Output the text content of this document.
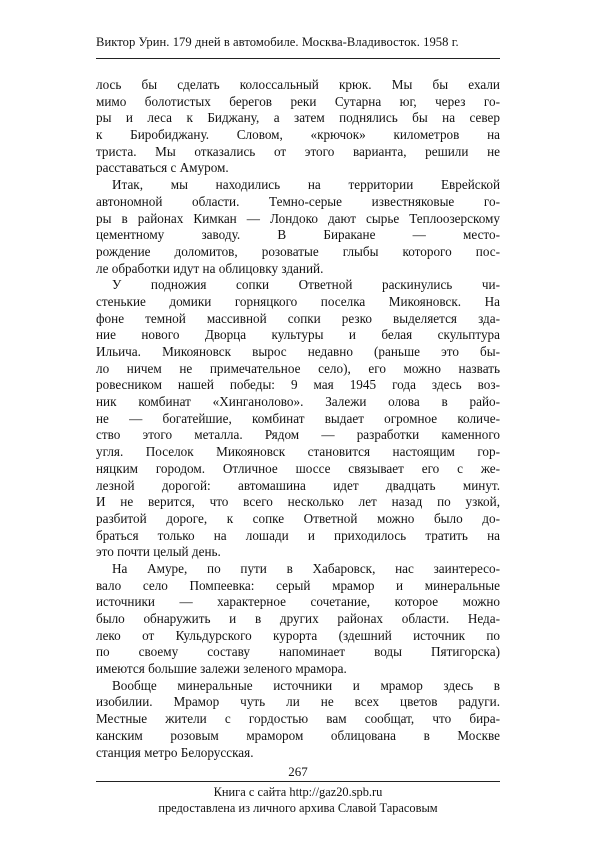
Виктор Урин. 179 дней в автомобиле. Москва-Владивосток. 1958 г.
лось бы сделать колоссальный крюк. Мы бы ехали
мимо болотистых берегов реки Сутарна юг, через го-
ры и леса к Биджану, а затем поднялись бы на север
к Биробиджану. Словом, «крючок» километров на
триста. Мы отказались от этого варианта, решили не
расставаться с Амуром.
Итак, мы находились на территории Еврейской
автономной области. Темно-серые известняковые го-
ры в районах Кимкан — Лондоко дают сырье Теплоозерскому
цементному заводу. В Биракане — место-
рождение доломитов, розоватые глыбы которого пос-
ле обработки идут на облицовку зданий.
У подножия сопки Ответной раскинулись чи-
стенькие домики горняцкого поселка Микояновск. На
фоне темной массивной сопки резко выделяется зда-
ние нового Дворца культуры и белая скульптура
Ильича. Микояновск вырос недавно (раньше это бы-
ло ничем не примечательное село), его можно назвать
ровесником нашей победы: 9 мая 1945 года здесь воз-
ник комбинат «Хинганолово». Залежи олова в райо-
не — богатейшие, комбинат выдает огромное количе-
ство этого металла. Рядом — разработки каменного
угля. Поселок Микояновск становится настоящим гор-
няцким городом. Отличное шоссе связывает его с же-
лезной дорогой: автомашина идет двадцать минут.
И не верится, что всего несколько лет назад по узкой,
разбитой дороге, к сопке Ответной можно было до-
браться только на лошади и приходилось тратить на
это почти целый день.
На Амуре, по пути в Хабаровск, нас заинтересо-
вало село Помпеевка: серый мрамор и минеральные
источники — характерное сочетание, которое можно
было обнаружить и в других районах области. Неда-
леко от Кульдурского курорта (здешний источник по
по своему составу напоминает воды Пятигорска)
имеются большие залежи зеленого мрамора.
Вообще минеральные источники и мрамор здесь в
изобилии. Мрамор чуть ли не всех цветов радуги.
Местные жители с гордостью вам сообщат, что бира-
канским розовым мрамором облицована в Москве
станция метро Белорусская.
267
Книга с сайта http://gaz20.spb.ru
предоставлена из личного архива Славой Тарасовым
